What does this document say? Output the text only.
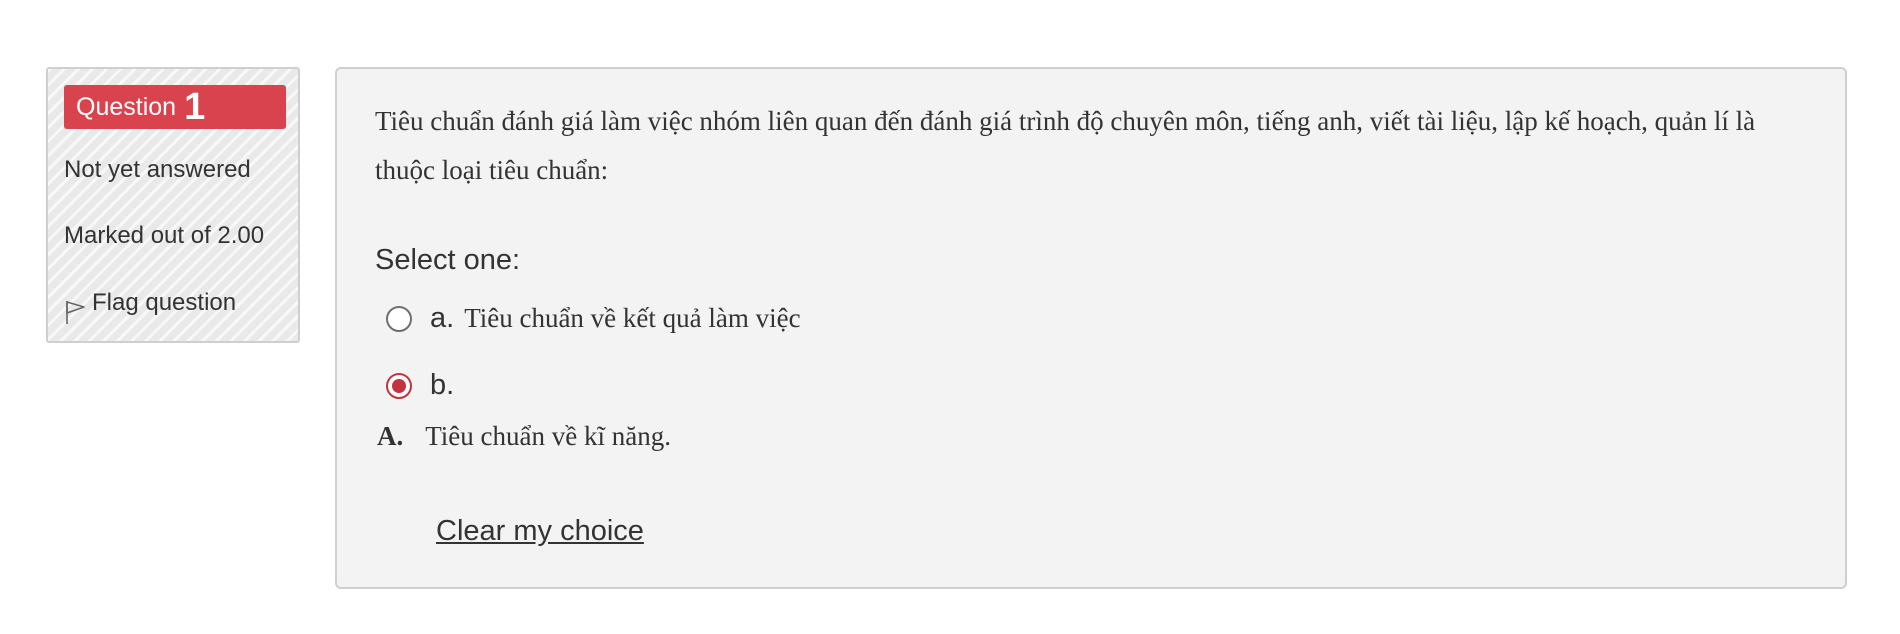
Question 1
Not yet answered
Marked out of 2.00
Flag question
Tiêu chuẩn đánh giá làm việc nhóm liên quan đến đánh giá trình độ chuyên môn, tiếng anh, viết tài liệu, lập kế hoạch, quản lí là thuộc loại tiêu chuẩn:
Select one:
a. Tiêu chuẩn về kết quả làm việc
b.
A. Tiêu chuẩn về kĩ năng.
Clear my choice
